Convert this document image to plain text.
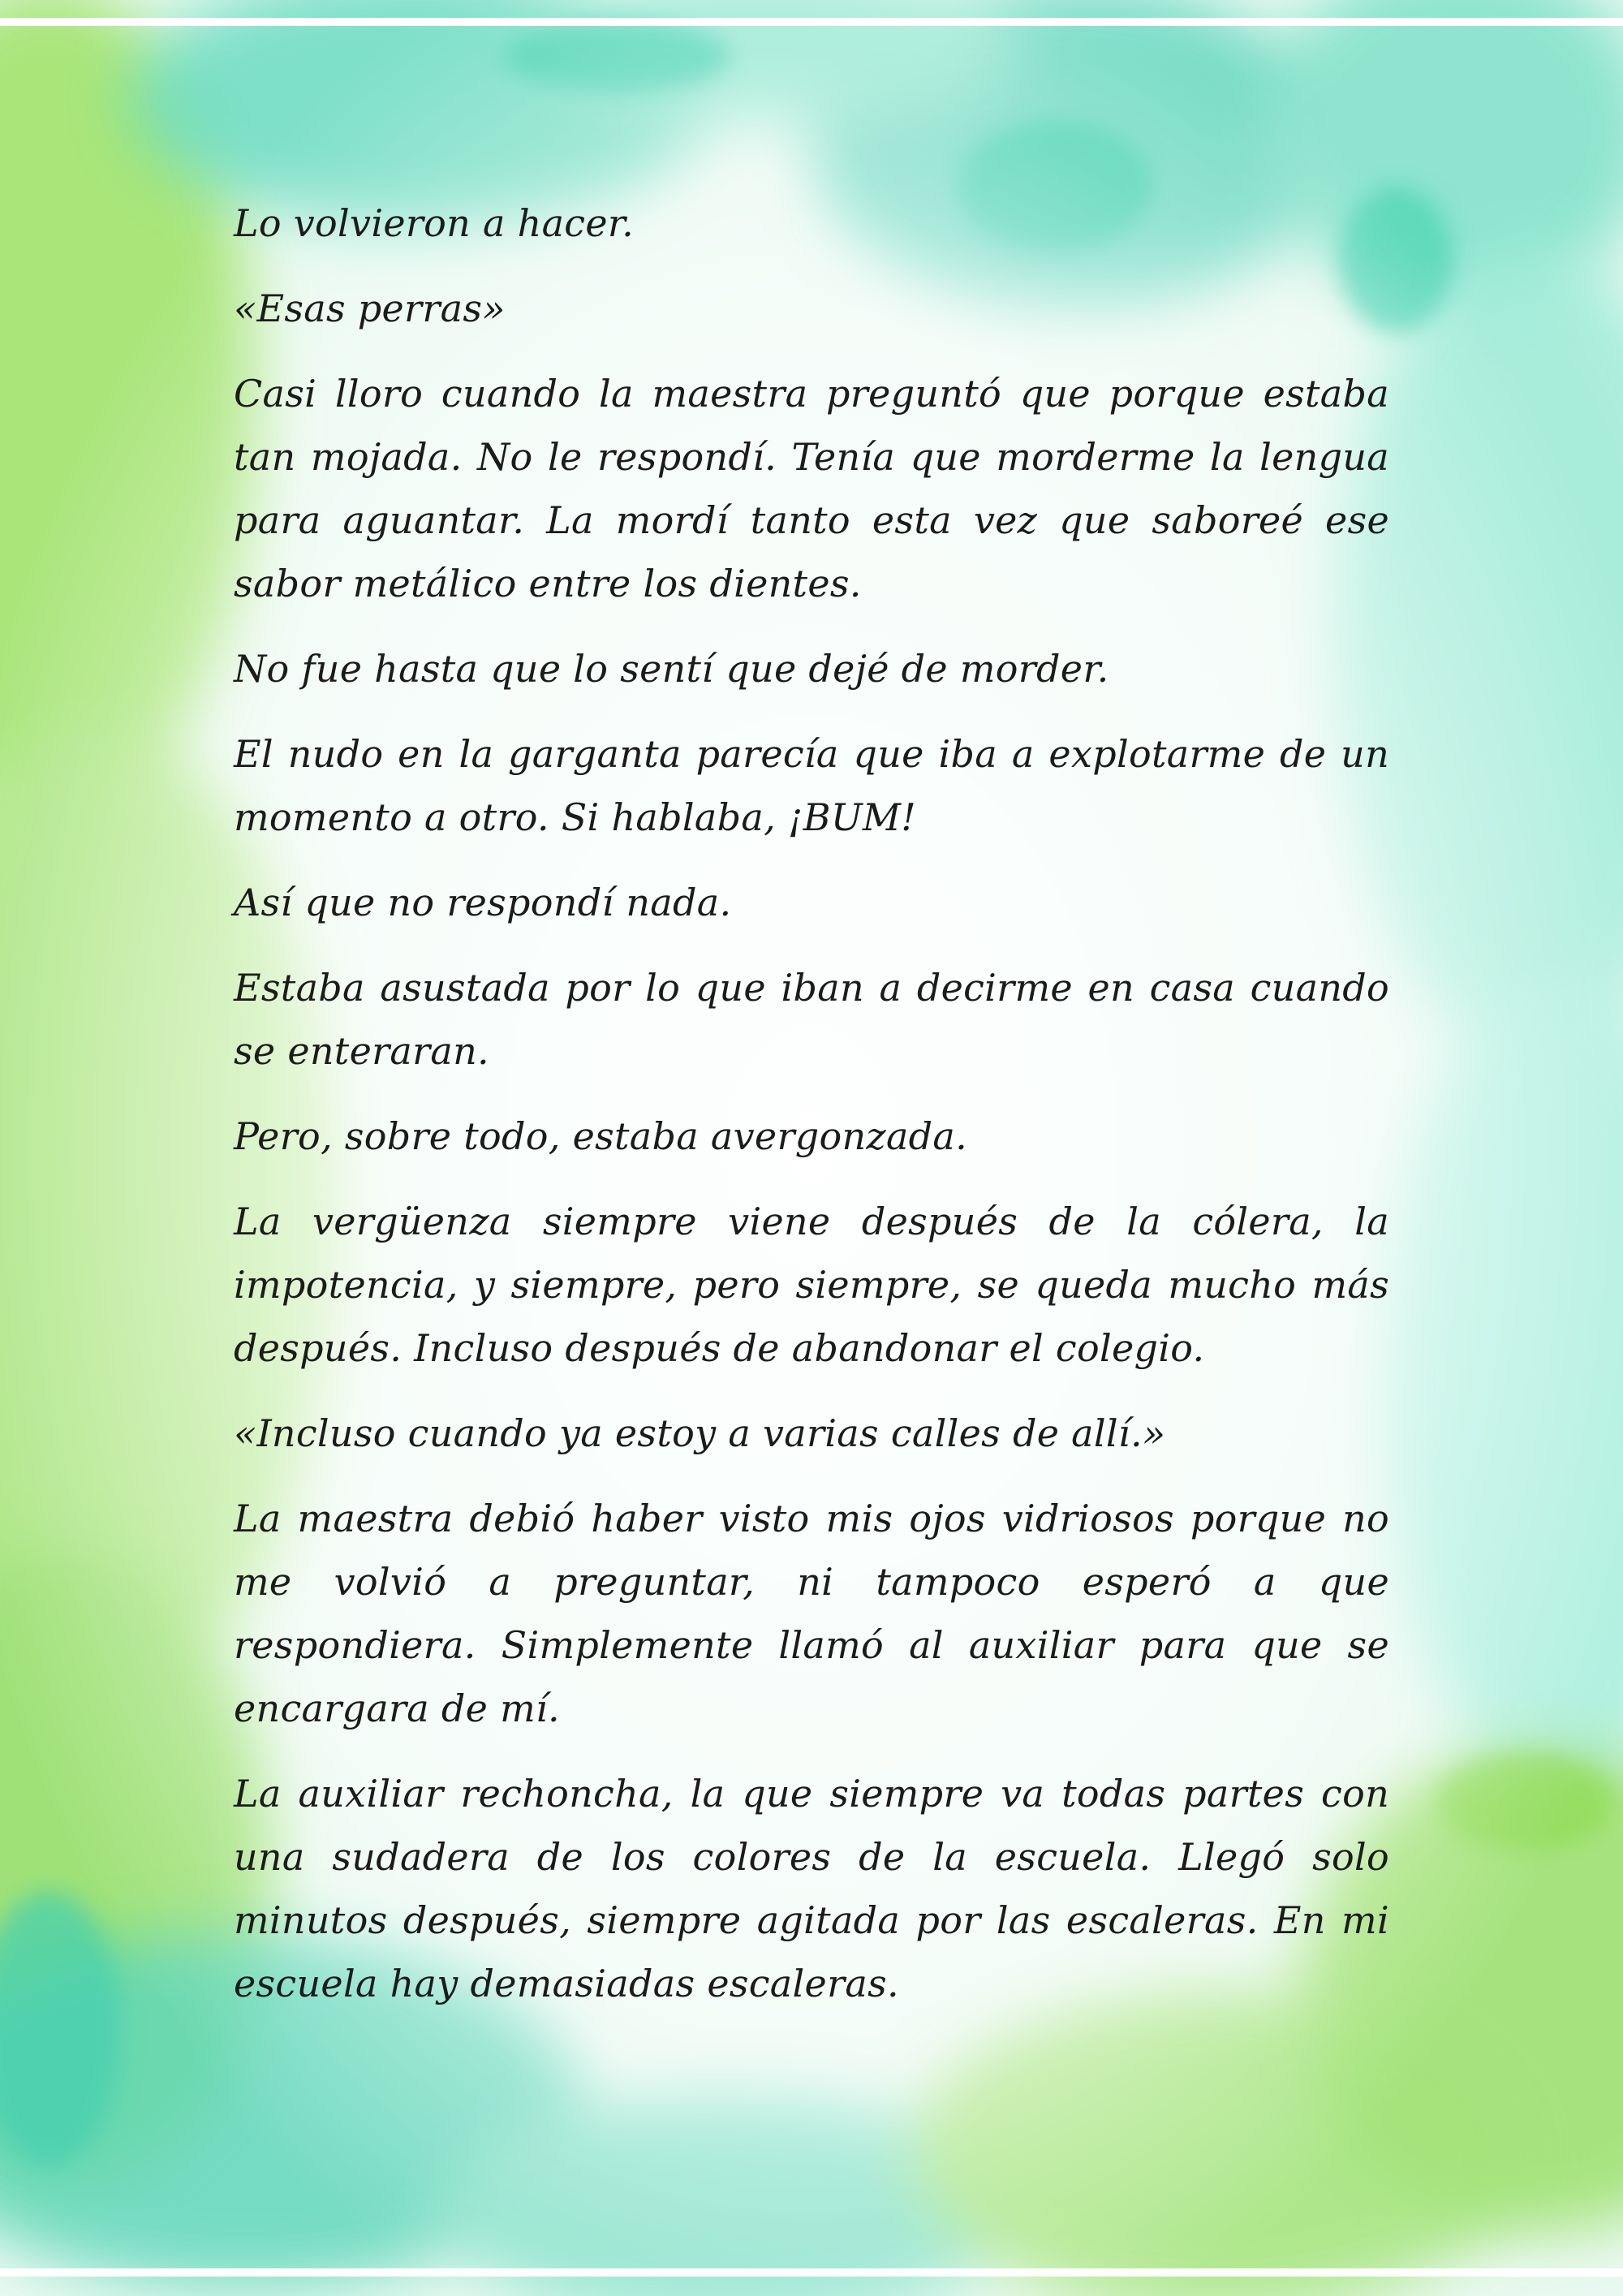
Lo volvieron a hacer.

«Esas perras»

Casi lloro cuando la maestra preguntó que porque estaba tan mojada. No le respondí. Tenía que morderme la lengua para aguantar. La mordí tanto esta vez que saboreé ese sabor metálico entre los dientes.

No fue hasta que lo sentí que dejé de morder.

El nudo en la garganta parecía que iba a explotarme de un momento a otro. Si hablaba, ¡BUM!

Así que no respondí nada.

Estaba asustada por lo que iban a decirme en casa cuando se enteraran.

Pero, sobre todo, estaba avergonzada.

La vergüenza siempre viene después de la cólera, la impotencia, y siempre, pero siempre, se queda mucho más después. Incluso después de abandonar el colegio.

«Incluso cuando ya estoy a varias calles de allí.»

La maestra debió haber visto mis ojos vidriosos porque no me volvió a preguntar, ni tampoco esperó a que respondiera. Simplemente llamó al auxiliar para que se encargara de mí.

La auxiliar rechoncha, la que siempre va todas partes con una sudadera de los colores de la escuela. Llegó solo minutos después, siempre agitada por las escaleras. En mi escuela hay demasiadas escaleras.
